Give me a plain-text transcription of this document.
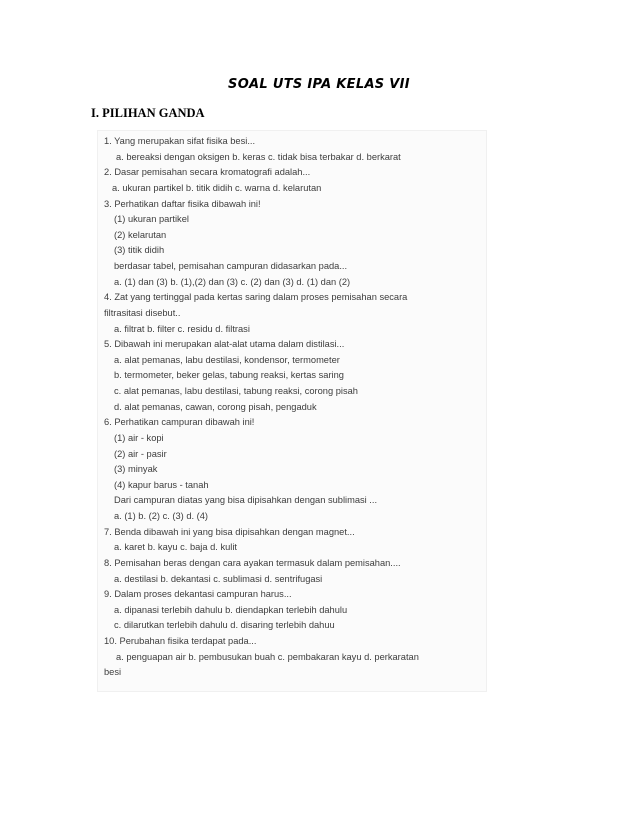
SOAL UTS IPA KELAS VII
I. PILIHAN GANDA
1. Yang merupakan sifat fisika besi...
a. bereaksi dengan oksigen b. keras c. tidak bisa terbakar d. berkarat
2. Dasar pemisahan secara kromatografi adalah...
a. ukuran partikel b. titik didih c. warna d. kelarutan
3. Perhatikan daftar fisika dibawah ini!
(1) ukuran partikel
(2) kelarutan
(3) titik didih
berdasar tabel, pemisahan campuran didasarkan pada...
a. (1) dan (3) b. (1),(2) dan (3) c. (2) dan (3) d. (1) dan (2)
4. Zat yang tertinggal pada kertas saring dalam proses pemisahan secara
filtrasitasi disebut..
a. filtrat b. filter c. residu d. filtrasi
5. Dibawah ini merupakan alat-alat utama dalam distilasi...
a. alat pemanas, labu destilasi, kondensor, termometer
b. termometer, beker gelas, tabung reaksi, kertas saring
c. alat pemanas, labu destilasi, tabung reaksi, corong pisah
d. alat pemanas, cawan, corong pisah, pengaduk
6. Perhatikan campuran dibawah ini!
(1) air - kopi
(2) air - pasir
(3) minyak
(4) kapur barus - tanah
Dari campuran diatas yang bisa dipisahkan dengan sublimasi ...
a. (1) b. (2) c. (3) d. (4)
7. Benda dibawah ini yang bisa dipisahkan dengan magnet...
a. karet b. kayu c. baja d. kulit
8. Pemisahan beras dengan cara ayakan termasuk dalam pemisahan....
a. destilasi b. dekantasi c. sublimasi d. sentrifugasi
9. Dalam proses dekantasi campuran harus...
a. dipanasi terlebih dahulu b. diendapkan terlebih dahulu
c. dilarutkan terlebih dahulu d. disaring terlebih dahuu
10. Perubahan fisika terdapat pada...
a. penguapan air b. pembusukan buah c. pembakaran kayu d. perkaratan
besi
